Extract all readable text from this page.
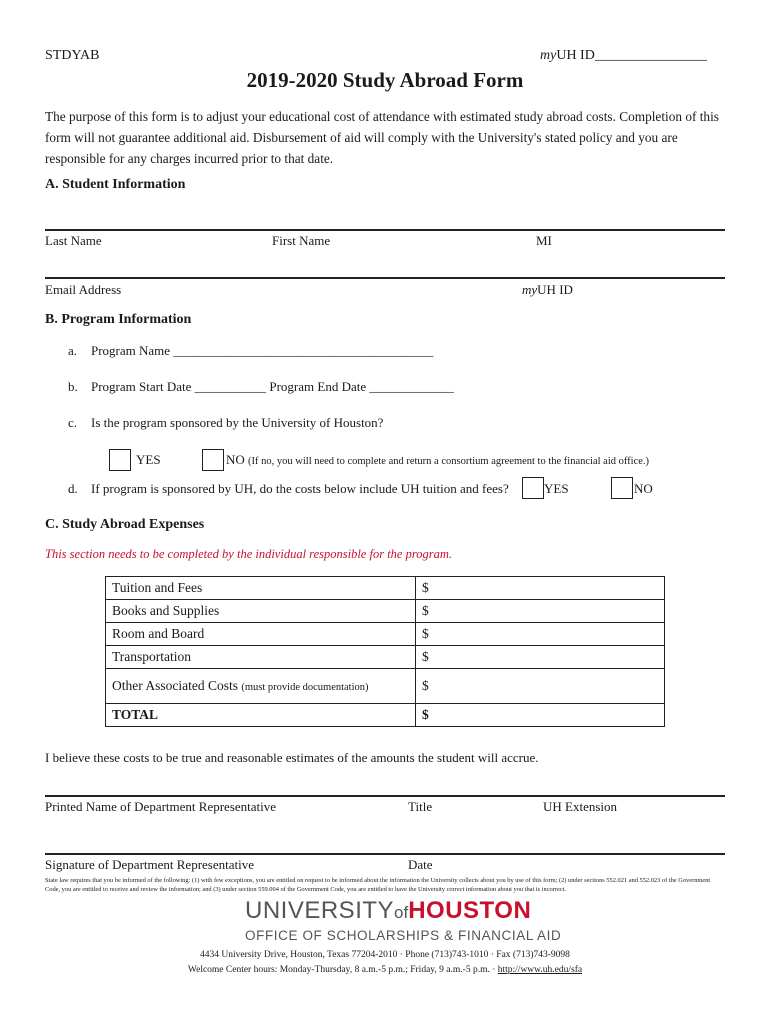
STDYAB	myUH ID________________
2019-2020 Study Abroad Form
The purpose of this form is to adjust your educational cost of attendance with estimated study abroad costs. Completion of this form will not guarantee additional aid. Disbursement of aid will comply with the University's stated policy and you are responsible for any charges incurred prior to that date.
A. Student Information
Last Name	First Name	MI
Email Address	myUH ID
B. Program Information
a. Program Name ________________________________________
b. Program Start Date ___________ Program End Date _____________
c. Is the program sponsored by the University of Houston?
YES	NO (If no, you will need to complete and return a consortium agreement to the financial aid office.)
d. If program is sponsored by UH, do the costs below include UH tuition and fees?	YES	NO
C. Study Abroad Expenses
This section needs to be completed by the individual responsible for the program.
Tuition and Fees	$
Books and Supplies	$
Room and Board	$
Transportation	$
Other Associated Costs (must provide documentation)	$
TOTAL	$
I believe these costs to be true and reasonable estimates of the amounts the student will accrue.
Printed Name of Department Representative	Title	UH Extension
Signature of Department Representative	Date
State law requires that you be informed of the following: (1) with few exceptions, you are entitled on request to be informed about the information the University collects about you by use of this form; (2) under sections 552.021 and 552.023 of the Government Code, you are entitled to receive and review the information; and (3) under section 559.004 of the Government Code, you are entitled to have the University correct information about you that is incorrect.
UNIVERSITYofHOUSTON
OFFICE OF SCHOLARSHIPS & FINANCIAL AID
4434 University Drive, Houston, Texas 77204-2010 · Phone (713)743-1010 · Fax (713)743-9098
Welcome Center hours: Monday-Thursday, 8 a.m.-5 p.m.; Friday, 9 a.m.-5 p.m. · http://www.uh.edu/sfa
